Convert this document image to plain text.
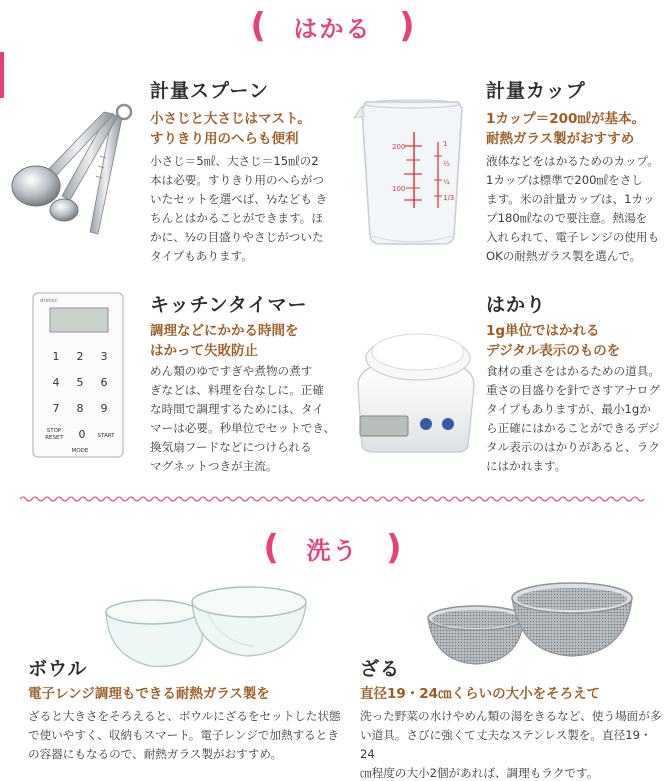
( はかる )
計量スプーン
小さじと大さじはマスト。
すりきり用のへらも便利
小さじ＝5㎖、大さじ＝15㎖の2
本は必要。すりきり用のへらがつ
いたセットを選べば、½なども き
ちんとはかることができます。ほ
かに、½の目盛りやさじがついた
タイプもあります。
200
100
1
½
¼
1/3
計量カップ
1カップ＝200㎖が基本。
耐熱ガラス製がおすすめ
液体などをはかるためのカップ。
1カップは標準で200㎖をさし
ます。米の計量カップは、1カッ
プ180㎖なので要注意。熱湯を
入れられて、電子レンジの使用も
OKの耐熱ガラス製を選んで。
dretec
1 2 3
4 5 6
7 8 9
0
STOP
RESET	START
MODE
キッチンタイマー
調理などにかかる時間を
はかって失敗防止
めん類のゆですぎや煮物の煮す
ぎなどは、料理を台なしに。正確
な時間で調理するためには、タイ
マーは必要。秒単位でセットでき、
換気扇フードなどにつけられる
マグネットつきが主流。
はかり
1g単位ではかれる
デジタル表示のものを
食材の重さをはかるための道具。
重さの目盛りを針でさすアナログ
タイプもありますが、最小1gか
ら正確にはかることができるデジ
タル表示のはかりがあると、ラク
にはかれます。
( 洗う )
ボウル
電子レンジ調理もできる耐熱ガラス製を
ざると大きさをそろえると、ボウルにざるをセットした状態
で使いやすく、収納もスマート。電子レンジで加熱するとき
の容器にもなるので、耐熱ガラス製がおすすめ。
ざる
直径19・24㎝くらいの大小をそろえて
洗った野菜の水けやめん類の湯をきるなど、使う場面が多
い道具。さびに強くて丈夫なステンレス製を。直径19・24
㎝程度の大小2個があれば、調理もラクです。
